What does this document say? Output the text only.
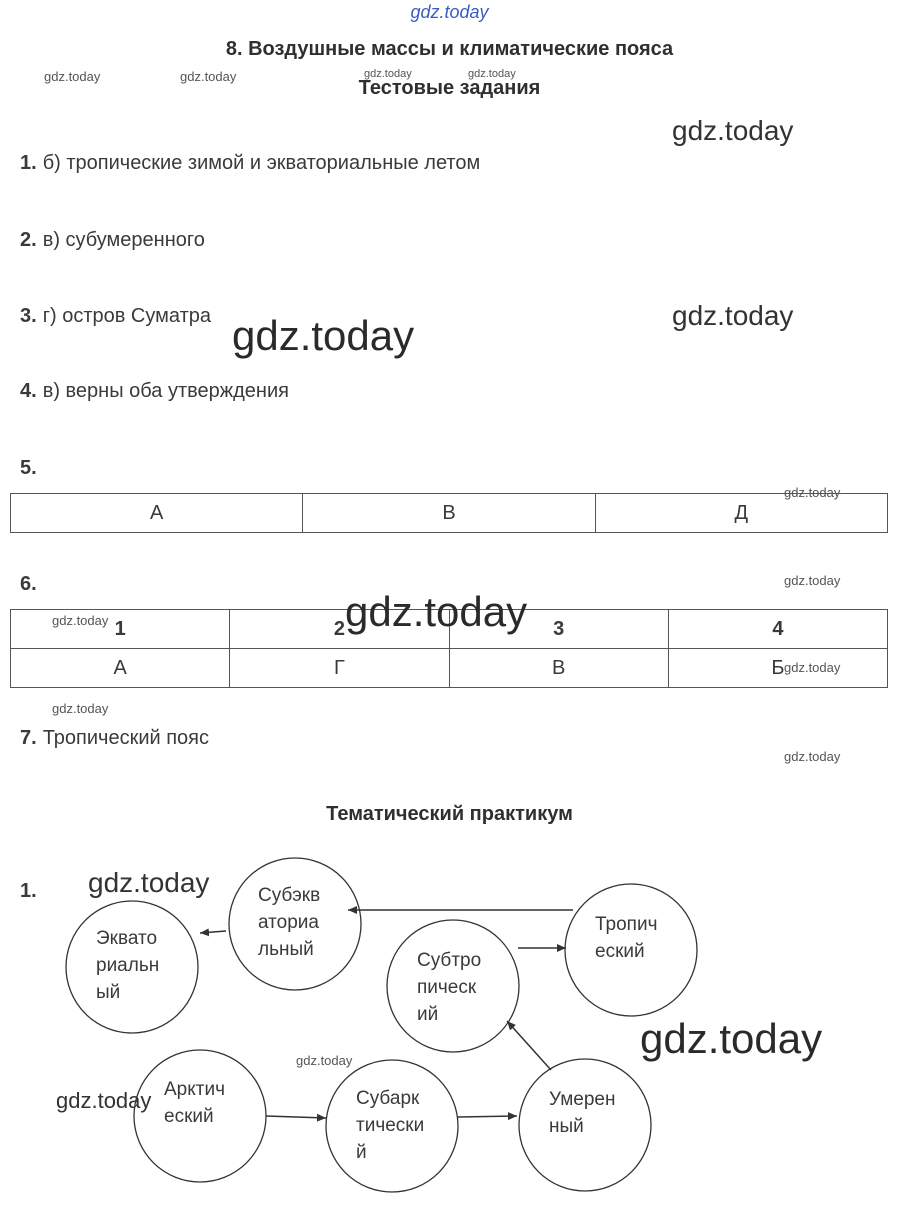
gdz.today
gdz.today	gdz.today	gdz.today	gdz.today
gdz.today
gdz.today
gdz.today
gdz.today
gdz.today
gdz.today
gdz.today
gdz.today
gdz.today
gdz.today
gdz.today
gdz.today
8. Воздушные массы и климатические пояса
Тестовые задания
1. б) тропические зимой и экваториальные летом
2. в) субумеренного
3. г) остров Суматра
4. в) верны оба утверждения
5.
А	В	Д
6.
1	2	3	4
А	Г	В	Б
gdz.today
gdz.today
7. Тропический пояс
Тематический практикум
1.
Эквато
риальн
ый
Субэкв
аториа
льный
Тропич
еский
Субтро
пическ
ий
Арктич
еский
Субарк
тически
й
Умерен
ный
